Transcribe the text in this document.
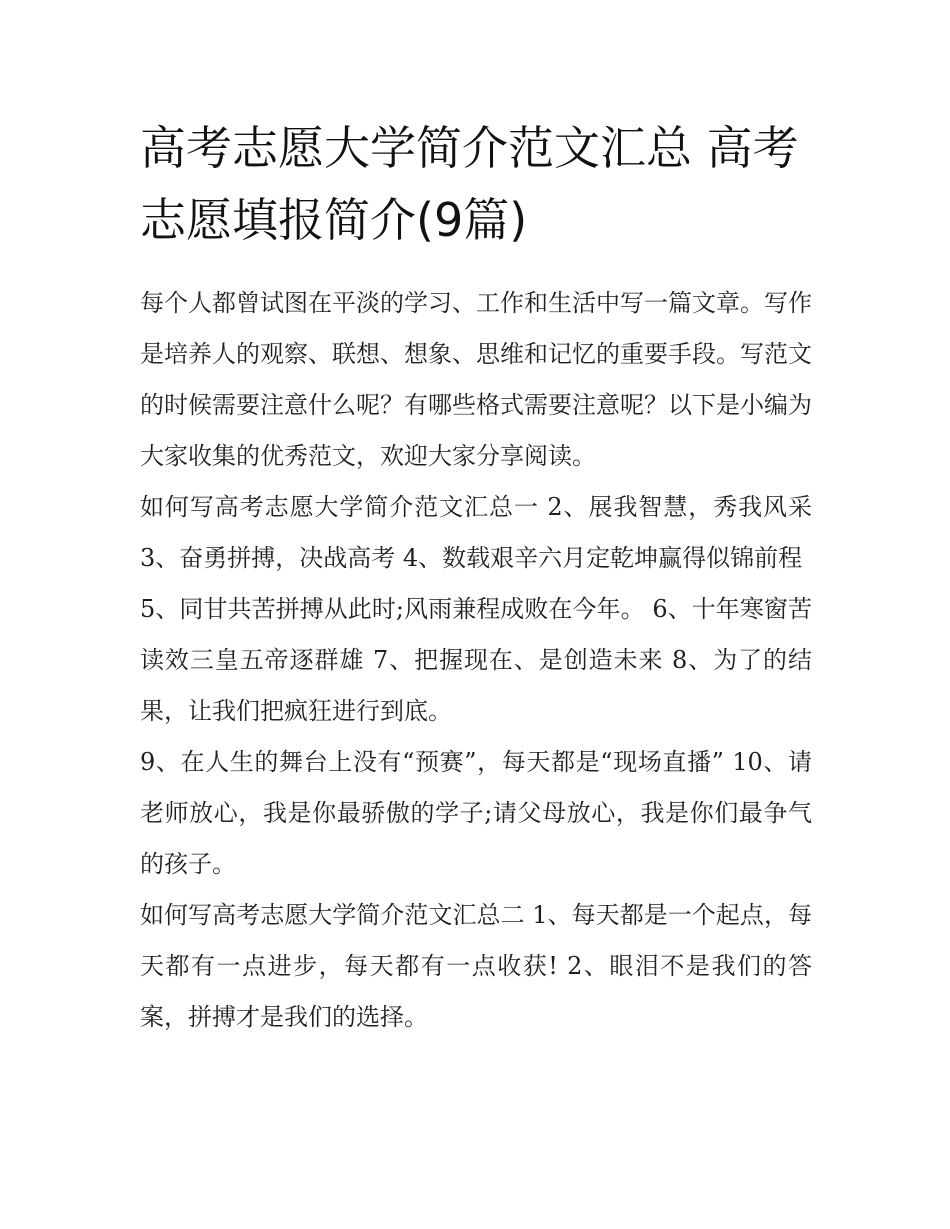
高考志愿大学简介范文汇总 高考志愿填报简介(9篇)

每个人都曾试图在平淡的学习、工作和生活中写一篇文章。写作是培养人的观察、联想、想象、思维和记忆的重要手段。写范文的时候需要注意什么呢？有哪些格式需要注意呢？以下是小编为大家收集的优秀范文，欢迎大家分享阅读。

如何写高考志愿大学简介范文汇总一 2、展我智慧，秀我风采 3、奋勇拼搏，决战高考 4、数载艰辛六月定乾坤赢得似锦前程

5、同甘共苦拼搏从此时;风雨兼程成败在今年。 6、十年寒窗苦读效三皇五帝逐群雄 7、把握现在、是创造未来 8、为了的结果，让我们把疯狂进行到底。

9、在人生的舞台上没有“预赛”，每天都是“现场直播” 10、请老师放心，我是你最骄傲的学子;请父母放心，我是你们最争气的孩子。

如何写高考志愿大学简介范文汇总二 1、每天都是一个起点，每天都有一点进步，每天都有一点收获! 2、眼泪不是我们的答案，拼搏才是我们的选择。
